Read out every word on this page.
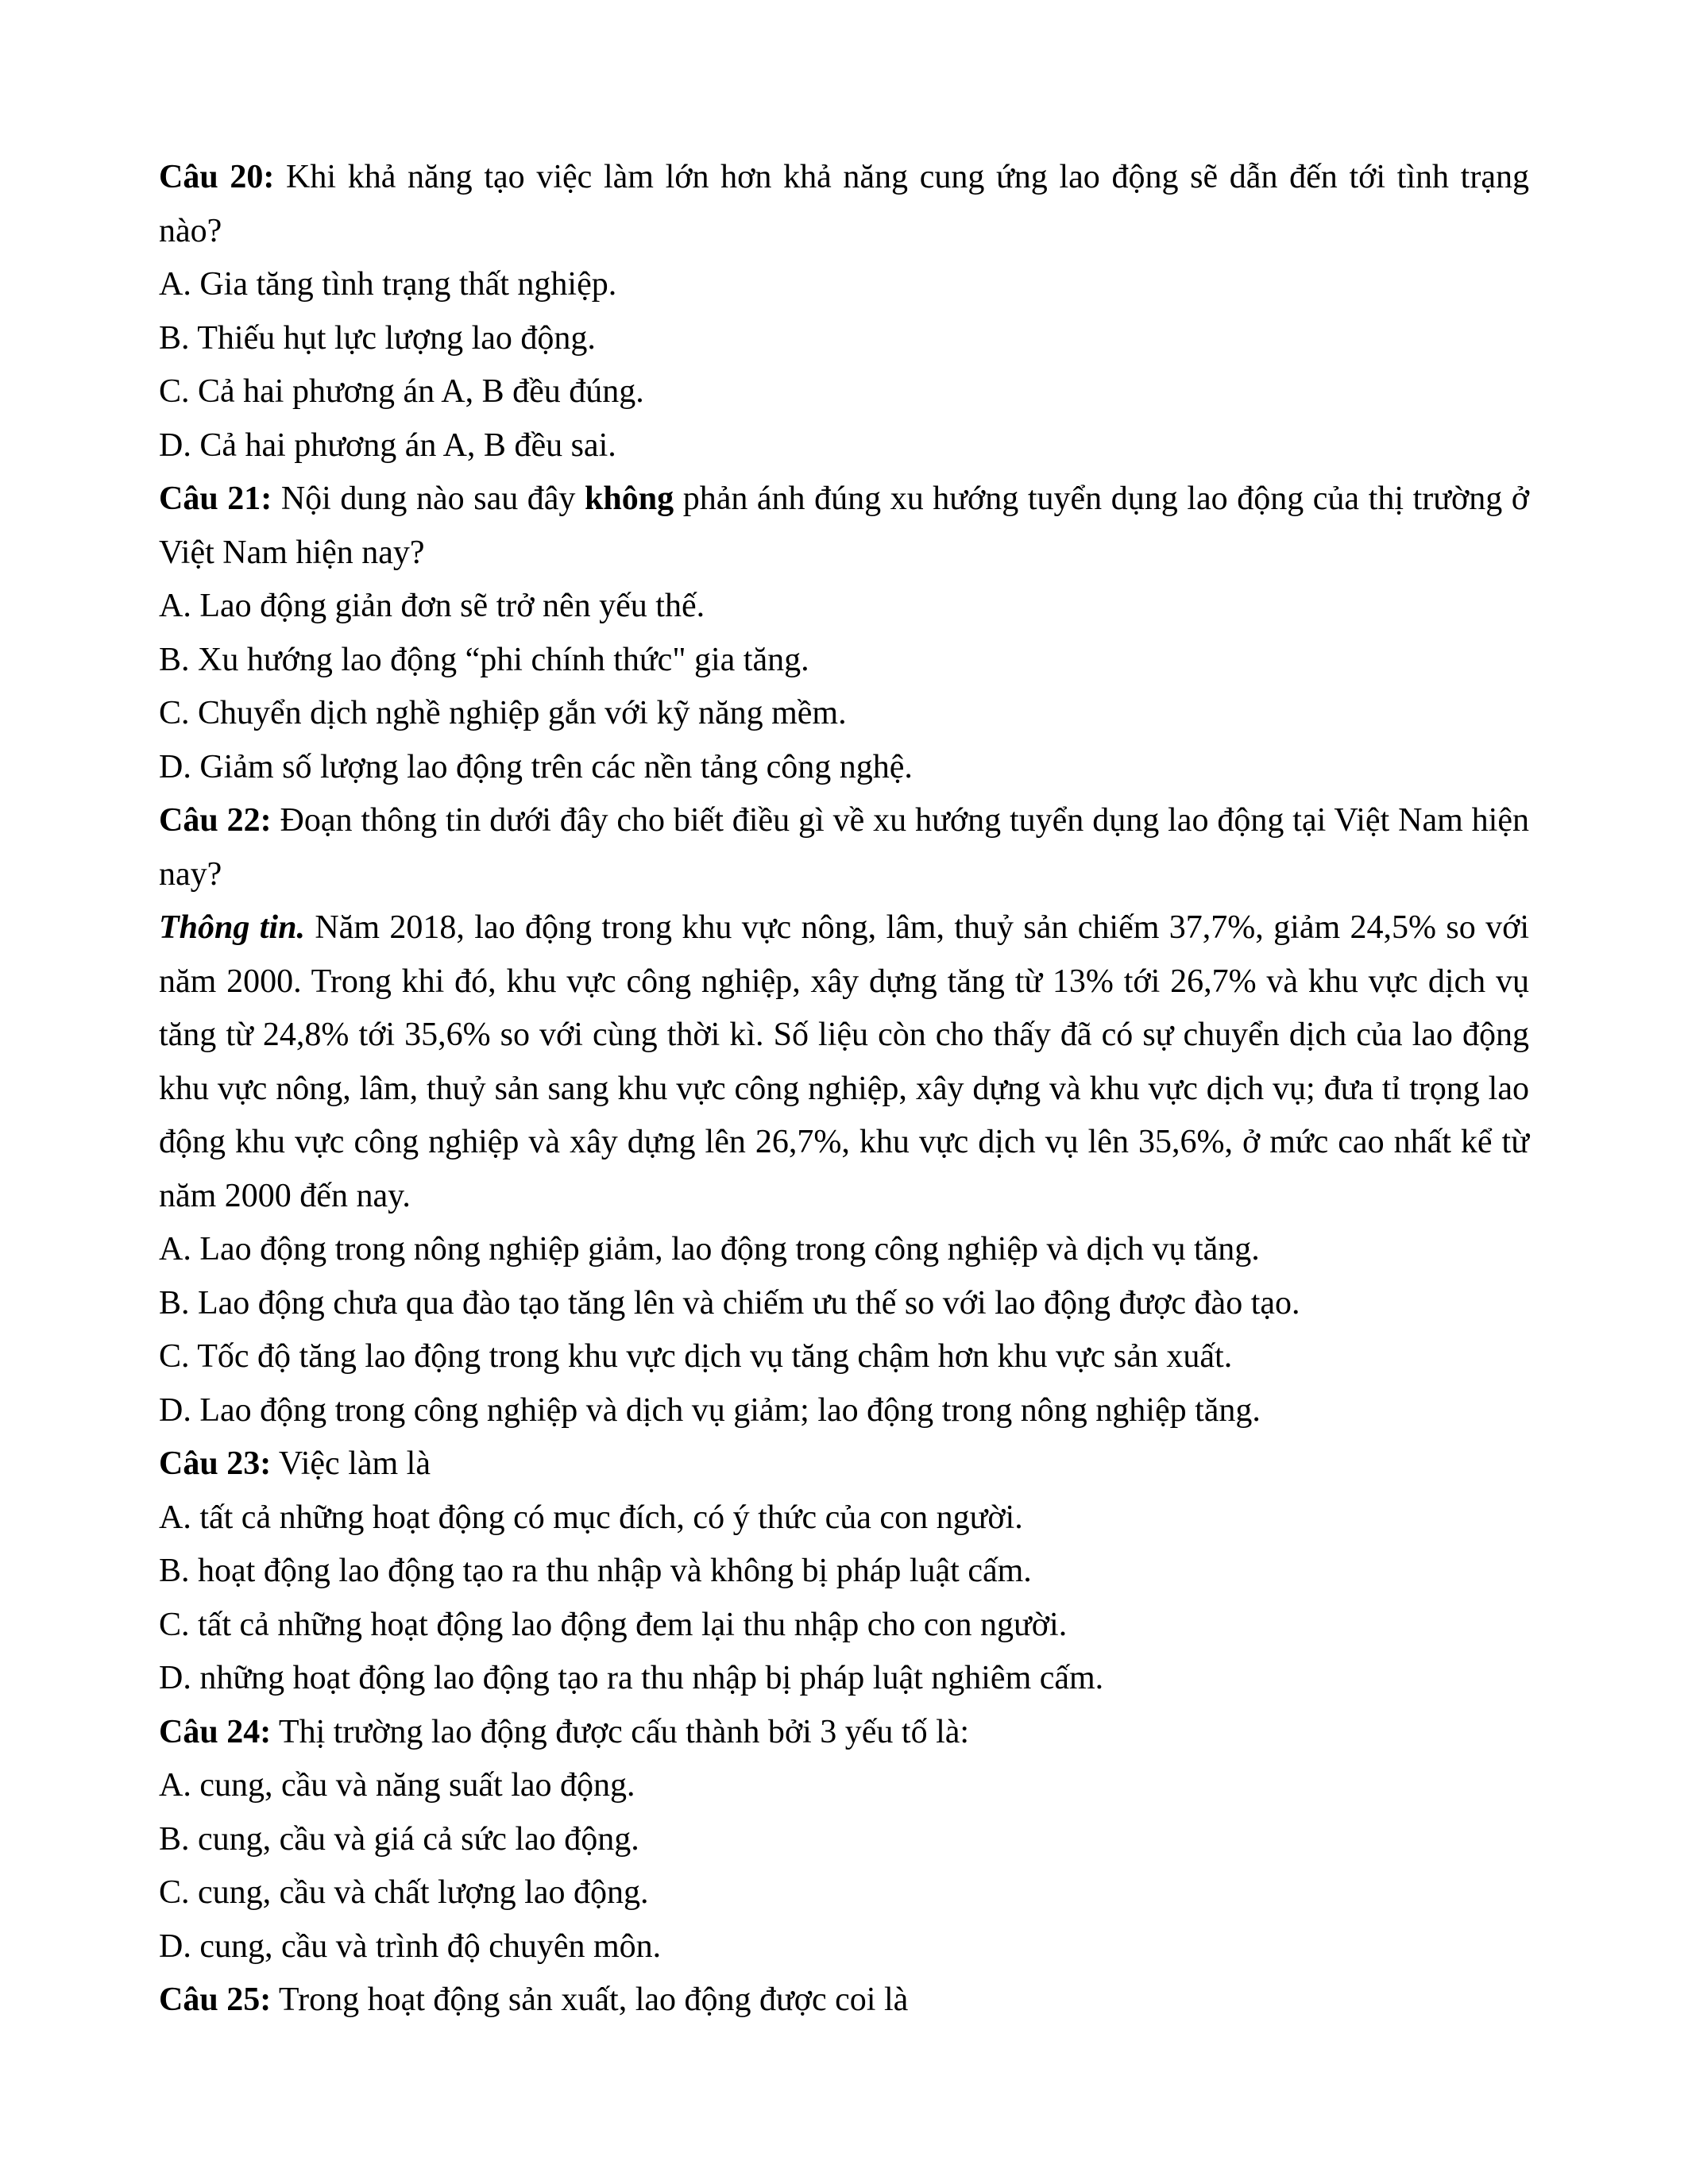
Câu 20: Khi khả năng tạo việc làm lớn hơn khả năng cung ứng lao động sẽ dẫn đến tới tình trạng nào?

A. Gia tăng tình trạng thất nghiệp.

B. Thiếu hụt lực lượng lao động.

C. Cả hai phương án A, B đều đúng.

D. Cả hai phương án A, B đều sai.

Câu 21: Nội dung nào sau đây không phản ánh đúng xu hướng tuyển dụng lao động của thị trường ở Việt Nam hiện nay?

A. Lao động giản đơn sẽ trở nên yếu thế.

B. Xu hướng lao động “phi chính thức" gia tăng.

C. Chuyển dịch nghề nghiệp gắn với kỹ năng mềm.

D. Giảm số lượng lao động trên các nền tảng công nghệ.

Câu 22: Đoạn thông tin dưới đây cho biết điều gì về xu hướng tuyển dụng lao động tại Việt Nam hiện nay?

Thông tin. Năm 2018, lao động trong khu vực nông, lâm, thuỷ sản chiếm 37,7%, giảm 24,5% so với năm 2000. Trong khi đó, khu vực công nghiệp, xây dựng tăng từ 13% tới 26,7% và khu vực dịch vụ tăng từ 24,8% tới 35,6% so với cùng thời kì. Số liệu còn cho thấy đã có sự chuyển dịch của lao động khu vực nông, lâm, thuỷ sản sang khu vực công nghiệp, xây dựng và khu vực dịch vụ; đưa tỉ trọng lao động khu vực công nghiệp và xây dựng lên 26,7%, khu vực dịch vụ lên 35,6%, ở mức cao nhất kể từ năm 2000 đến nay.

A. Lao động trong nông nghiệp giảm, lao động trong công nghiệp và dịch vụ tăng.

B. Lao động chưa qua đào tạo tăng lên và chiếm ưu thế so với lao động được đào tạo.

C. Tốc độ tăng lao động trong khu vực dịch vụ tăng chậm hơn khu vực sản xuất.

D. Lao động trong công nghiệp và dịch vụ giảm; lao động trong nông nghiệp tăng.

Câu 23: Việc làm là

A. tất cả những hoạt động có mục đích, có ý thức của con người.

B. hoạt động lao động tạo ra thu nhập và không bị pháp luật cấm.

C. tất cả những hoạt động lao động đem lại thu nhập cho con người.

D. những hoạt động lao động tạo ra thu nhập bị pháp luật nghiêm cấm.

Câu 24: Thị trường lao động được cấu thành bởi 3 yếu tố là:

A. cung, cầu và năng suất lao động.

B. cung, cầu và giá cả sức lao động.

C. cung, cầu và chất lượng lao động.

D. cung, cầu và trình độ chuyên môn.

Câu 25: Trong hoạt động sản xuất, lao động được coi là
